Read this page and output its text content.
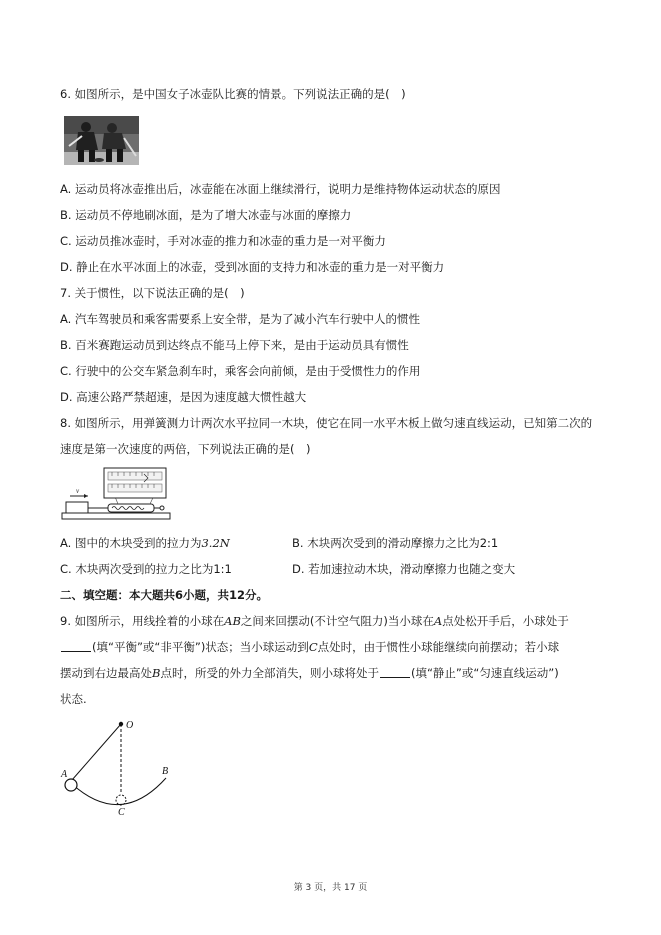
6. 如图所示，是中国女子冰壶队比赛的情景。下列说法正确的是(　)
A. 运动员将冰壶推出后，冰壶能在冰面上继续滑行，说明力是维持物体运动状态的原因
B. 运动员不停地刷冰面，是为了增大冰壶与冰面的摩擦力
C. 运动员推冰壶时，手对冰壶的推力和冰壶的重力是一对平衡力
D. 静止在水平冰面上的冰壶，受到冰面的支持力和冰壶的重力是一对平衡力
7. 关于惯性，以下说法正确的是(　)
A. 汽车驾驶员和乘客需要系上安全带，是为了减小汽车行驶中人的惯性
B. 百米赛跑运动员到达终点不能马上停下来，是由于运动员具有惯性
C. 行驶中的公交车紧急刹车时，乘客会向前倾，是由于受惯性力的作用
D. 高速公路严禁超速，是因为速度越大惯性越大
8. 如图所示，用弹簧测力计两次水平拉同一木块，使它在同一水平木板上做匀速直线运动，已知第二次的
速度是第一次速度的两倍，下列说法正确的是(　)
v
A. 图中的木块受到的拉力为3.2N	B. 木块两次受到的滑动摩擦力之比为2:1
C. 木块两次受到的拉力之比为1:1	D. 若加速拉动木块，滑动摩擦力也随之变大
二、填空题：本大题共6小题，共12分。
9. 如图所示，用线拴着的小球在AB之间来回摆动(不计空气阻力)当小球在A点处松开手后，小球处于
(填“平衡”或“非平衡”)状态；当小球运动到C点处时，由于惯性小球能继续向前摆动；若小球
摆动到右边最高处B点时，所受的外力全部消失，则小球将处于	(填“静止”或“匀速直线运动”)
状态.
O
A
C
B
第 3 页，共 17 页
